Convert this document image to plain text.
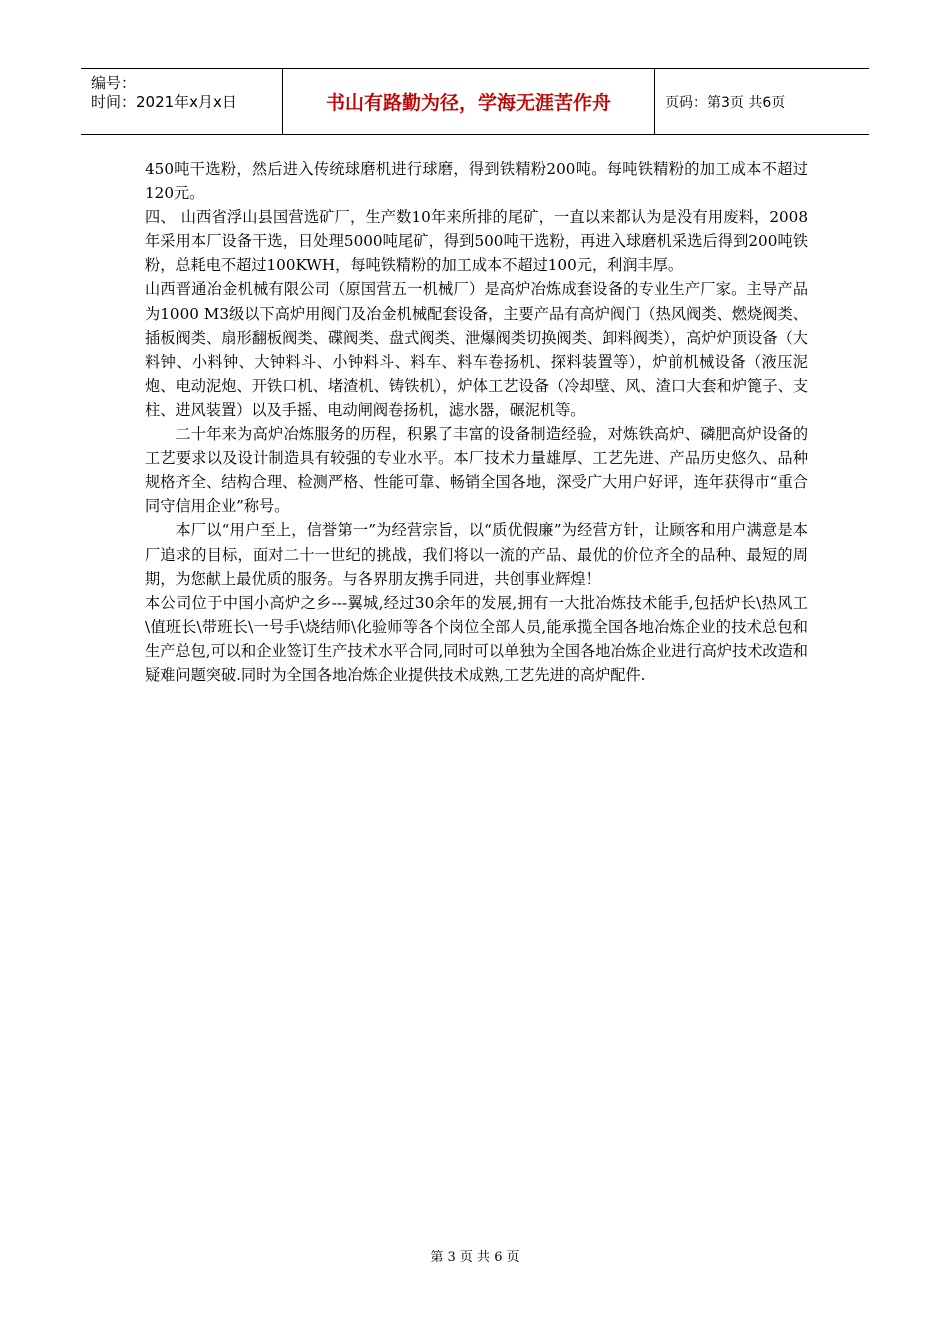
编号：
时间：2021年x月x日	书山有路勤为径，学海无涯苦作舟	页码：第3页 共6页

450吨干选粉，然后进入传统球磨机进行球磨，得到铁精粉200吨。每吨铁精粉的加工成本不超过120元。

四、 山西省浮山县国营选矿厂，生产数10年来所排的尾矿，一直以来都认为是没有用废料，2008年采用本厂设备干选，日处理5000吨尾矿，得到500吨干选粉，再进入球磨机采选后得到200吨铁粉，总耗电不超过100KWH，每吨铁精粉的加工成本不超过100元，利润丰厚。

山西晋通冶金机械有限公司（原国营五一机械厂）是高炉冶炼成套设备的专业生产厂家。主导产品为1000 M3级以下高炉用阀门及冶金机械配套设备，主要产品有高炉阀门（热风阀类、燃烧阀类、插板阀类、扇形翻板阀类、碟阀类、盘式阀类、泄爆阀类切换阀类、卸料阀类），高炉炉顶设备（大料钟、小料钟、大钟料斗、小钟料斗、料车、料车卷扬机、探料装置等），炉前机械设备（液压泥炮、电动泥炮、开铁口机、堵渣机、铸铁机），炉体工艺设备（冷却壁、风、渣口大套和炉篦子、支柱、进风装置）以及手摇、电动闸阀卷扬机，滤水器，碾泥机等。

二十年来为高炉冶炼服务的历程，积累了丰富的设备制造经验，对炼铁高炉、磷肥高炉设备的工艺要求以及设计制造具有较强的专业水平。本厂技术力量雄厚、工艺先进、产品历史悠久、品种规格齐全、结构合理、检测严格、性能可靠、畅销全国各地，深受广大用户好评，连年获得市“重合同守信用企业”称号。

本厂以“用户至上，信誉第一”为经营宗旨，以“质优假廉”为经营方针，让顾客和用户满意是本厂追求的目标，面对二十一世纪的挑战，我们将以一流的产品、最优的价位齐全的品种、最短的周期，为您献上最优质的服务。与各界朋友携手同进，共创事业辉煌！

本公司位于中国小高炉之乡---翼城,经过30余年的发展,拥有一大批冶炼技术能手,包括炉长\热风工\值班长\带班长\一号手\烧结师\化验师等各个岗位全部人员,能承揽全国各地冶炼企业的技术总包和生产总包,可以和企业签订生产技术水平合同,同时可以单独为全国各地冶炼企业进行高炉技术改造和疑难问题突破.同时为全国各地冶炼企业提供技术成熟,工艺先进的高炉配件.

第 3 页 共 6 页
